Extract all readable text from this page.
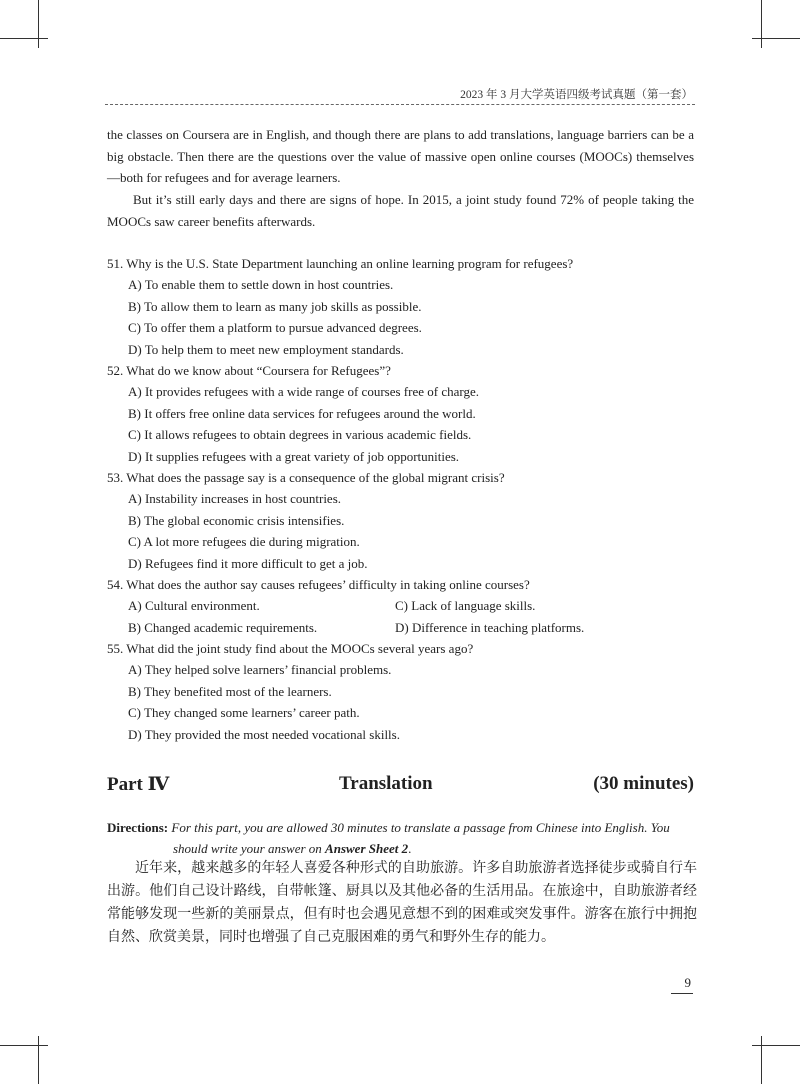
2023 年 3 月大学英语四级考试真题（第一套）

the classes on Coursera are in English, and though there are plans to add translations, language barriers can be a big obstacle. Then there are the questions over the value of massive open online courses (MOOCs) themselves—both for refugees and for average learners.

But it’s still early days and there are signs of hope. In 2015, a joint study found 72% of people taking the MOOCs saw career benefits afterwards.

51. Why is the U.S. State Department launching an online learning program for refugees?
A) To enable them to settle down in host countries.
B) To allow them to learn as many job skills as possible.
C) To offer them a platform to pursue advanced degrees.
D) To help them to meet new employment standards.
52. What do we know about “Coursera for Refugees”?
A) It provides refugees with a wide range of courses free of charge.
B) It offers free online data services for refugees around the world.
C) It allows refugees to obtain degrees in various academic fields.
D) It supplies refugees with a great variety of job opportunities.
53. What does the passage say is a consequence of the global migrant crisis?
A) Instability increases in host countries.
B) The global economic crisis intensifies.
C) A lot more refugees die during migration.
D) Refugees find it more difficult to get a job.
54. What does the author say causes refugees’ difficulty in taking online courses?
A) Cultural environment.
B) Changed academic requirements.
C) Lack of language skills.
D) Difference in teaching platforms.
55. What did the joint study find about the MOOCs several years ago?
A) They helped solve learners’ financial problems.
B) They benefited most of the learners.
C) They changed some learners’ career path.
D) They provided the most needed vocational skills.
Part Ⅳ	Translation	(30 minutes)
Directions: For this part, you are allowed 30 minutes to translate a passage from Chinese into English. You
should write your answer on Answer Sheet 2.

近年来，越来越多的年轻人喜爱各种形式的自助旅游。许多自助旅游者选择徒步或骑自行车出游。他们自己设计路线，自带帐篷、厨具以及其他必备的生活用品。在旅途中，自助旅游者经常能够发现一些新的美丽景点，但有时也会遇见意想不到的困难或突发事件。游客在旅行中拥抱自然、欣赏美景，同时也增强了自己克服困难的勇气和野外生存的能力。

9
